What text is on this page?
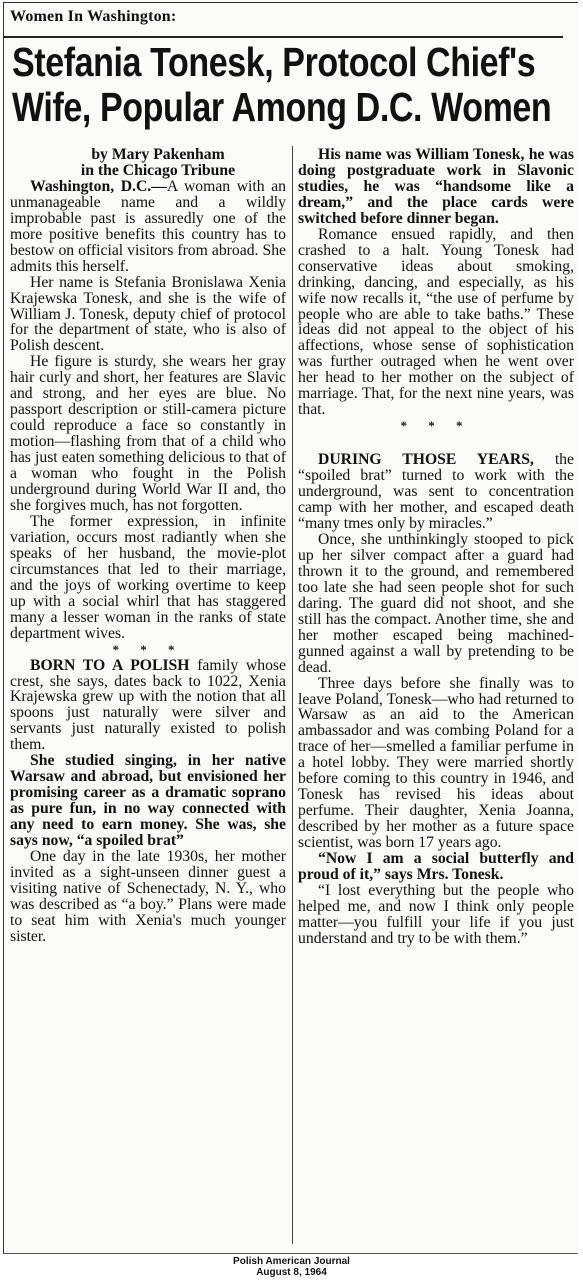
Women In Washington:
Stefania Tonesk, Protocol Chief's
Wife, Popular Among D.C. Women

by Mary Pakenham

in the Chicago Tribune

Washington, D.C.—A woman with an unmanageable name and a wildly improbable past is assuredly one of the more positive benefits this country has to bestow on official visitors from abroad. She admits this herself.

Her name is Stefania Bronislawa Xenia Krajewska Tonesk, and she is the wife of William J. Tonesk, deputy chief of protocol for the department of state, who is also of Polish descent.

He figure is sturdy, she wears her gray hair curly and short, her features are Slavic and strong, and her eyes are blue. No passport description or still-camera picture could reproduce a face so constantly in motion—flashing from that of a child who has just eaten something delicious to that of a woman who fought in the Polish underground during World War II and, tho she forgives much, has not forgotten.

The former expression, in infinite variation, occurs most radiantly when she speaks of her husband, the movie-plot circumstances that led to their marriage, and the joys of working overtime to keep up with a social whirl that has staggered many a lesser woman in the ranks of state department wives.

* * *

BORN TO A POLISH family whose crest, she says, dates back to 1022, Xenia Krajewska grew up with the notion that all spoons just naturally were silver and servants just naturally existed to polish them.

She studied singing, in her native Warsaw and abroad, but envisioned her promising career as a dramatic soprano as pure fun, in no way connected with any need to earn money. She was, she says now, “a spoiled brat”

One day in the late 1930s, her mother invited as a sight-unseen dinner guest a visiting native of Schenectady, N. Y., who was described as “a boy.” Plans were made to seat him with Xenia's much younger sister.

His name was William Tonesk, he was doing postgraduate work in Slavonic studies, he was “handsome like a dream,” and the place cards were switched before dinner began.

Romance ensued rapidly, and then crashed to a halt. Young Tonesk had conservative ideas about smoking, drinking, dancing, and especially, as his wife now recalls it, “the use of perfume by people who are able to take baths.” These ideas did not appeal to the object of his affections, whose sense of sophistication was further outraged when he went over her head to her mother on the subject of marriage. That, for the next nine years, was that.

* * *

DURING THOSE YEARS, the “spoiled brat” turned to work with the underground, was sent to concentration camp with her mother, and escaped death “many tmes only by miracles.”

Once, she unthinkingly stooped to pick up her silver compact after a guard had thrown it to the ground, and remembered too late she had seen people shot for such daring. The guard did not shoot, and she still has the compact. Another time, she and her mother escaped being machined-gunned against a wall by pretending to be dead.

Three days before she finally was to leave Poland, Tonesk—who had returned to Warsaw as an aid to the American ambassador and was combing Poland for a trace of her—smelled a familiar perfume in a hotel lobby. They were married shortly before coming to this country in 1946, and Tonesk has revised his ideas about perfume. Their daughter, Xenia Joanna, described by her mother as a future space scientist, was born 17 years ago.

“Now I am a social butterfly and proud of it,” says Mrs. Tonesk.

“I lost everything but the people who helped me, and now I think only people matter—you fulfill your life if you just understand and try to be with them.”

Polish American Journal
August 8, 1964
